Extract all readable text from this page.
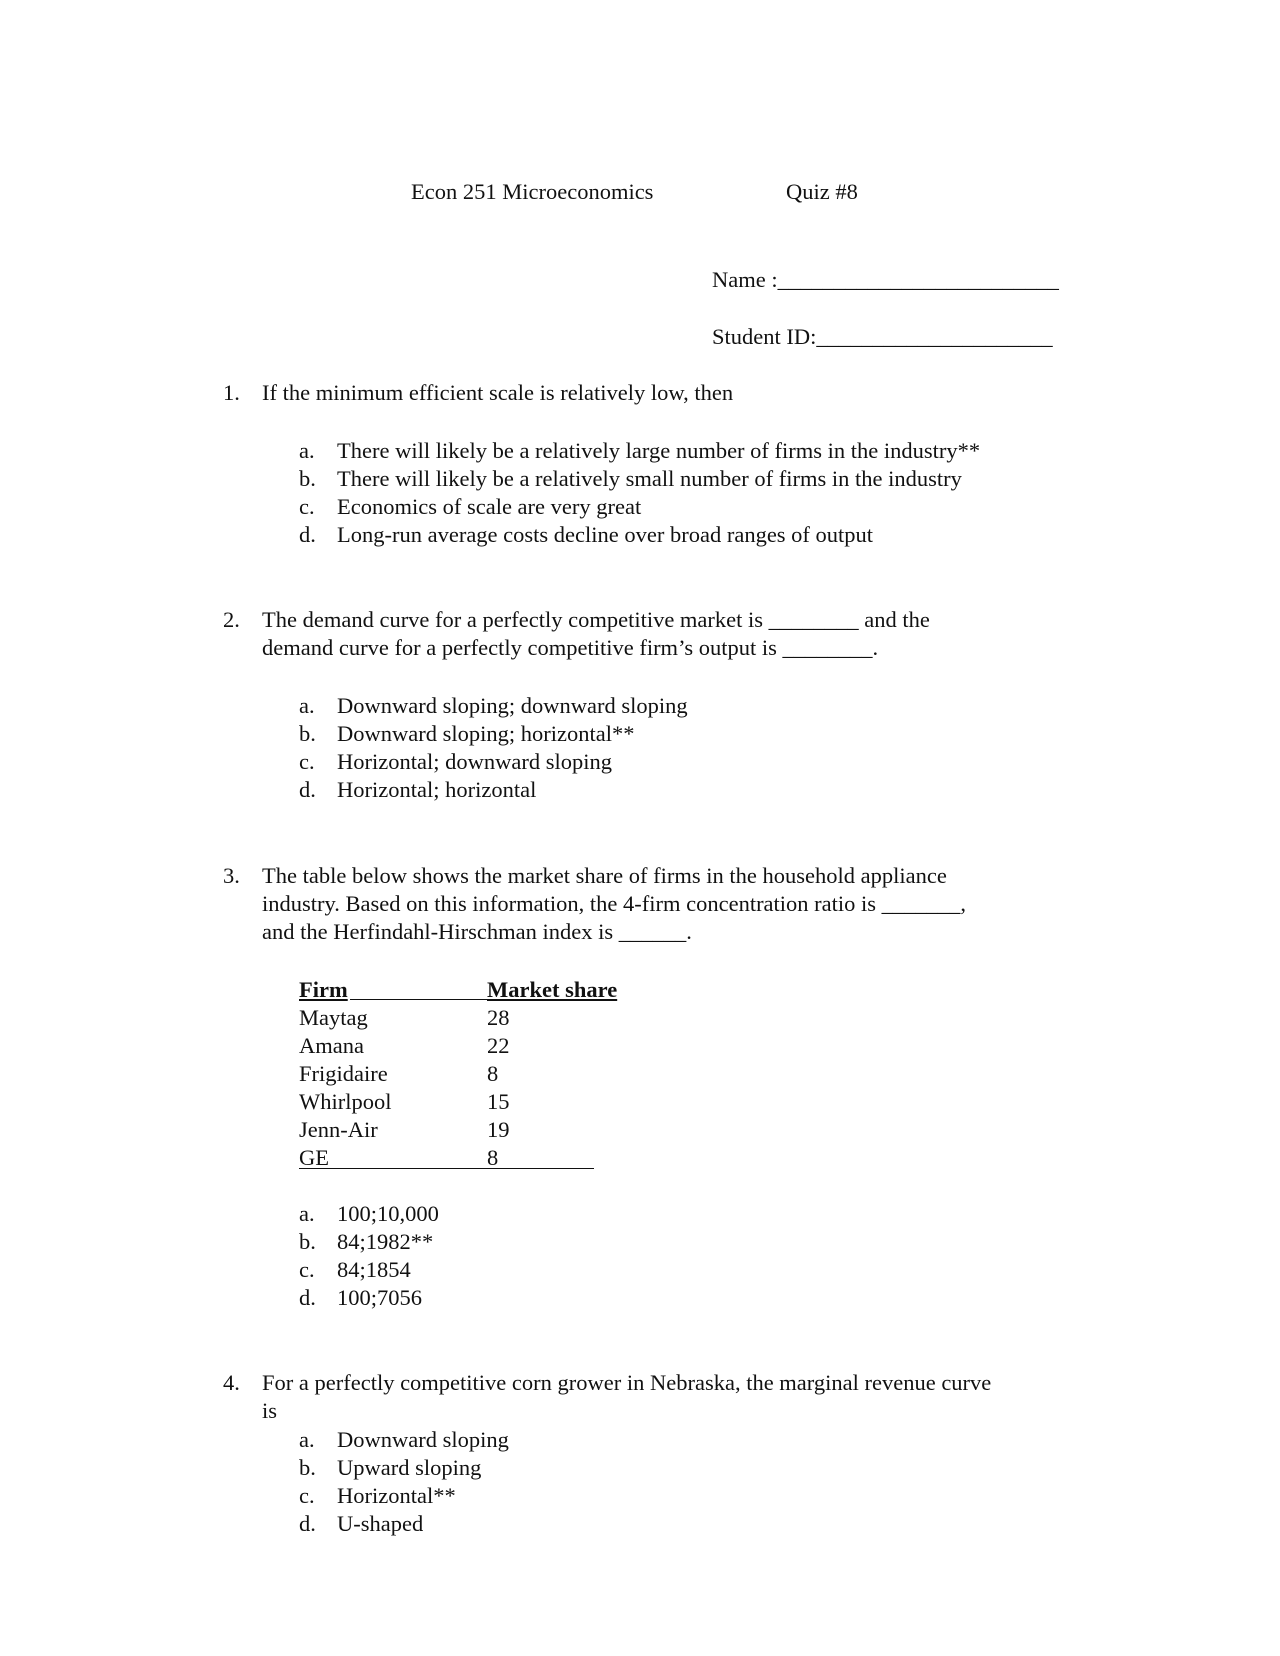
Econ 251 Microeconomics	Quiz #8
Name :_________________________
Student ID:_____________________
1. If the minimum efficient scale is relatively low, then
a. There will likely be a relatively large number of firms in the industry**
b. There will likely be a relatively small number of firms in the industry
c. Economics of scale are very great
d. Long-run average costs decline over broad ranges of output
2. The demand curve for a perfectly competitive market is ________ and the
demand curve for a perfectly competitive firm’s output is ________.
a. Downward sloping; downward sloping
b. Downward sloping; horizontal**
c. Horizontal; downward sloping
d. Horizontal; horizontal
3. The table below shows the market share of firms in the household appliance
industry. Based on this information, the 4-firm concentration ratio is _______,
and the Herfindahl-Hirschman index is ______.
Firm	Market share
Maytag	28
Amana	22
Frigidaire	8
Whirlpool	15
Jenn-Air	19
GE	8
a. 100;10,000
b. 84;1982**
c. 84;1854
d. 100;7056
4. For a perfectly competitive corn grower in Nebraska, the marginal revenue curve
is
a. Downward sloping
b. Upward sloping
c. Horizontal**
d. U-shaped
